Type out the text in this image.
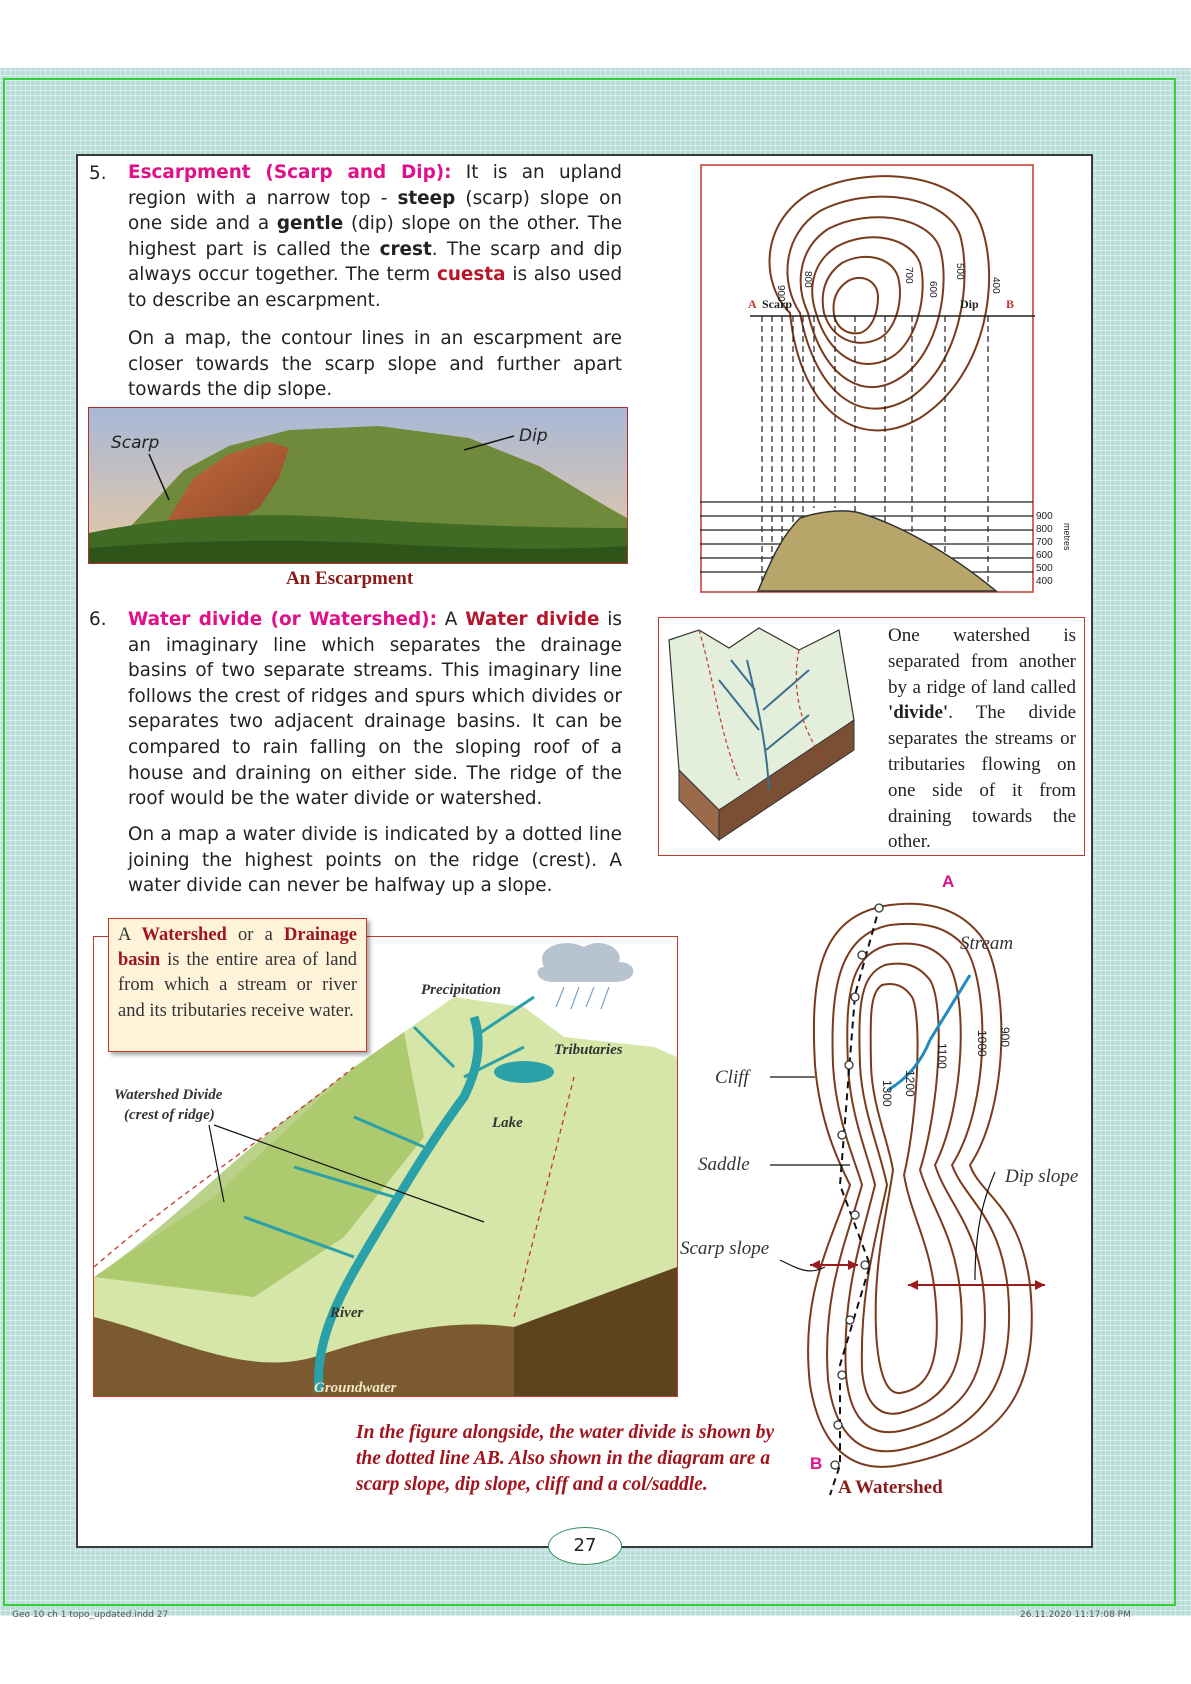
5. Escarpment (Scarp and Dip): It is an upland region with a narrow top - steep (scarp) slope on one side and a gentle (dip) slope on the other. The highest part is called the crest. The scarp and dip always occur together. The term cuesta is also used to describe an escarpment.
On a map, the contour lines in an escarpment are closer towards the scarp slope and further apart towards the dip slope.
Scarp	Dip
An Escarpment
A Scarp	Dip B
900
800	700
600
500
400
900
800
700
600
500
400
metres
6. Water divide (or Watershed): A Water divide is an imaginary line which separates the drainage basins of two separate streams. This imaginary line follows the crest of ridges and spurs which divides or separates two adjacent drainage basins. It can be compared to rain falling on the sloping roof of a house and draining on either side. The ridge of the roof would be the water divide or watershed.
On a map a water divide is indicated by a dotted line joining the highest points on the ridge (crest). A water divide can never be halfway up a slope.
One watershed is separated from another by a ridge of land called 'divide'. The divide separates the streams or tributaries flowing on one side of it from draining towards the other.
Precipitation
Tributaries
Watershed Divide
(crest of ridge)	Lake
River
Groundwater
A Watershed or a Drainage basin is the entire area of land from which a stream or river and its tributaries receive water.
Stream
Cliff
Saddle
Dip slope
Scarp slope
1300 1200
1100 1000 900
A
B
A Watershed
In the figure alongside, the water divide is shown by the dotted line AB. Also shown in the diagram are a scarp slope, dip slope, cliff and a col/saddle.
27
Geo 10 ch 1 topo_updated.indd 27	26.11.2020 11:17:08 PM
